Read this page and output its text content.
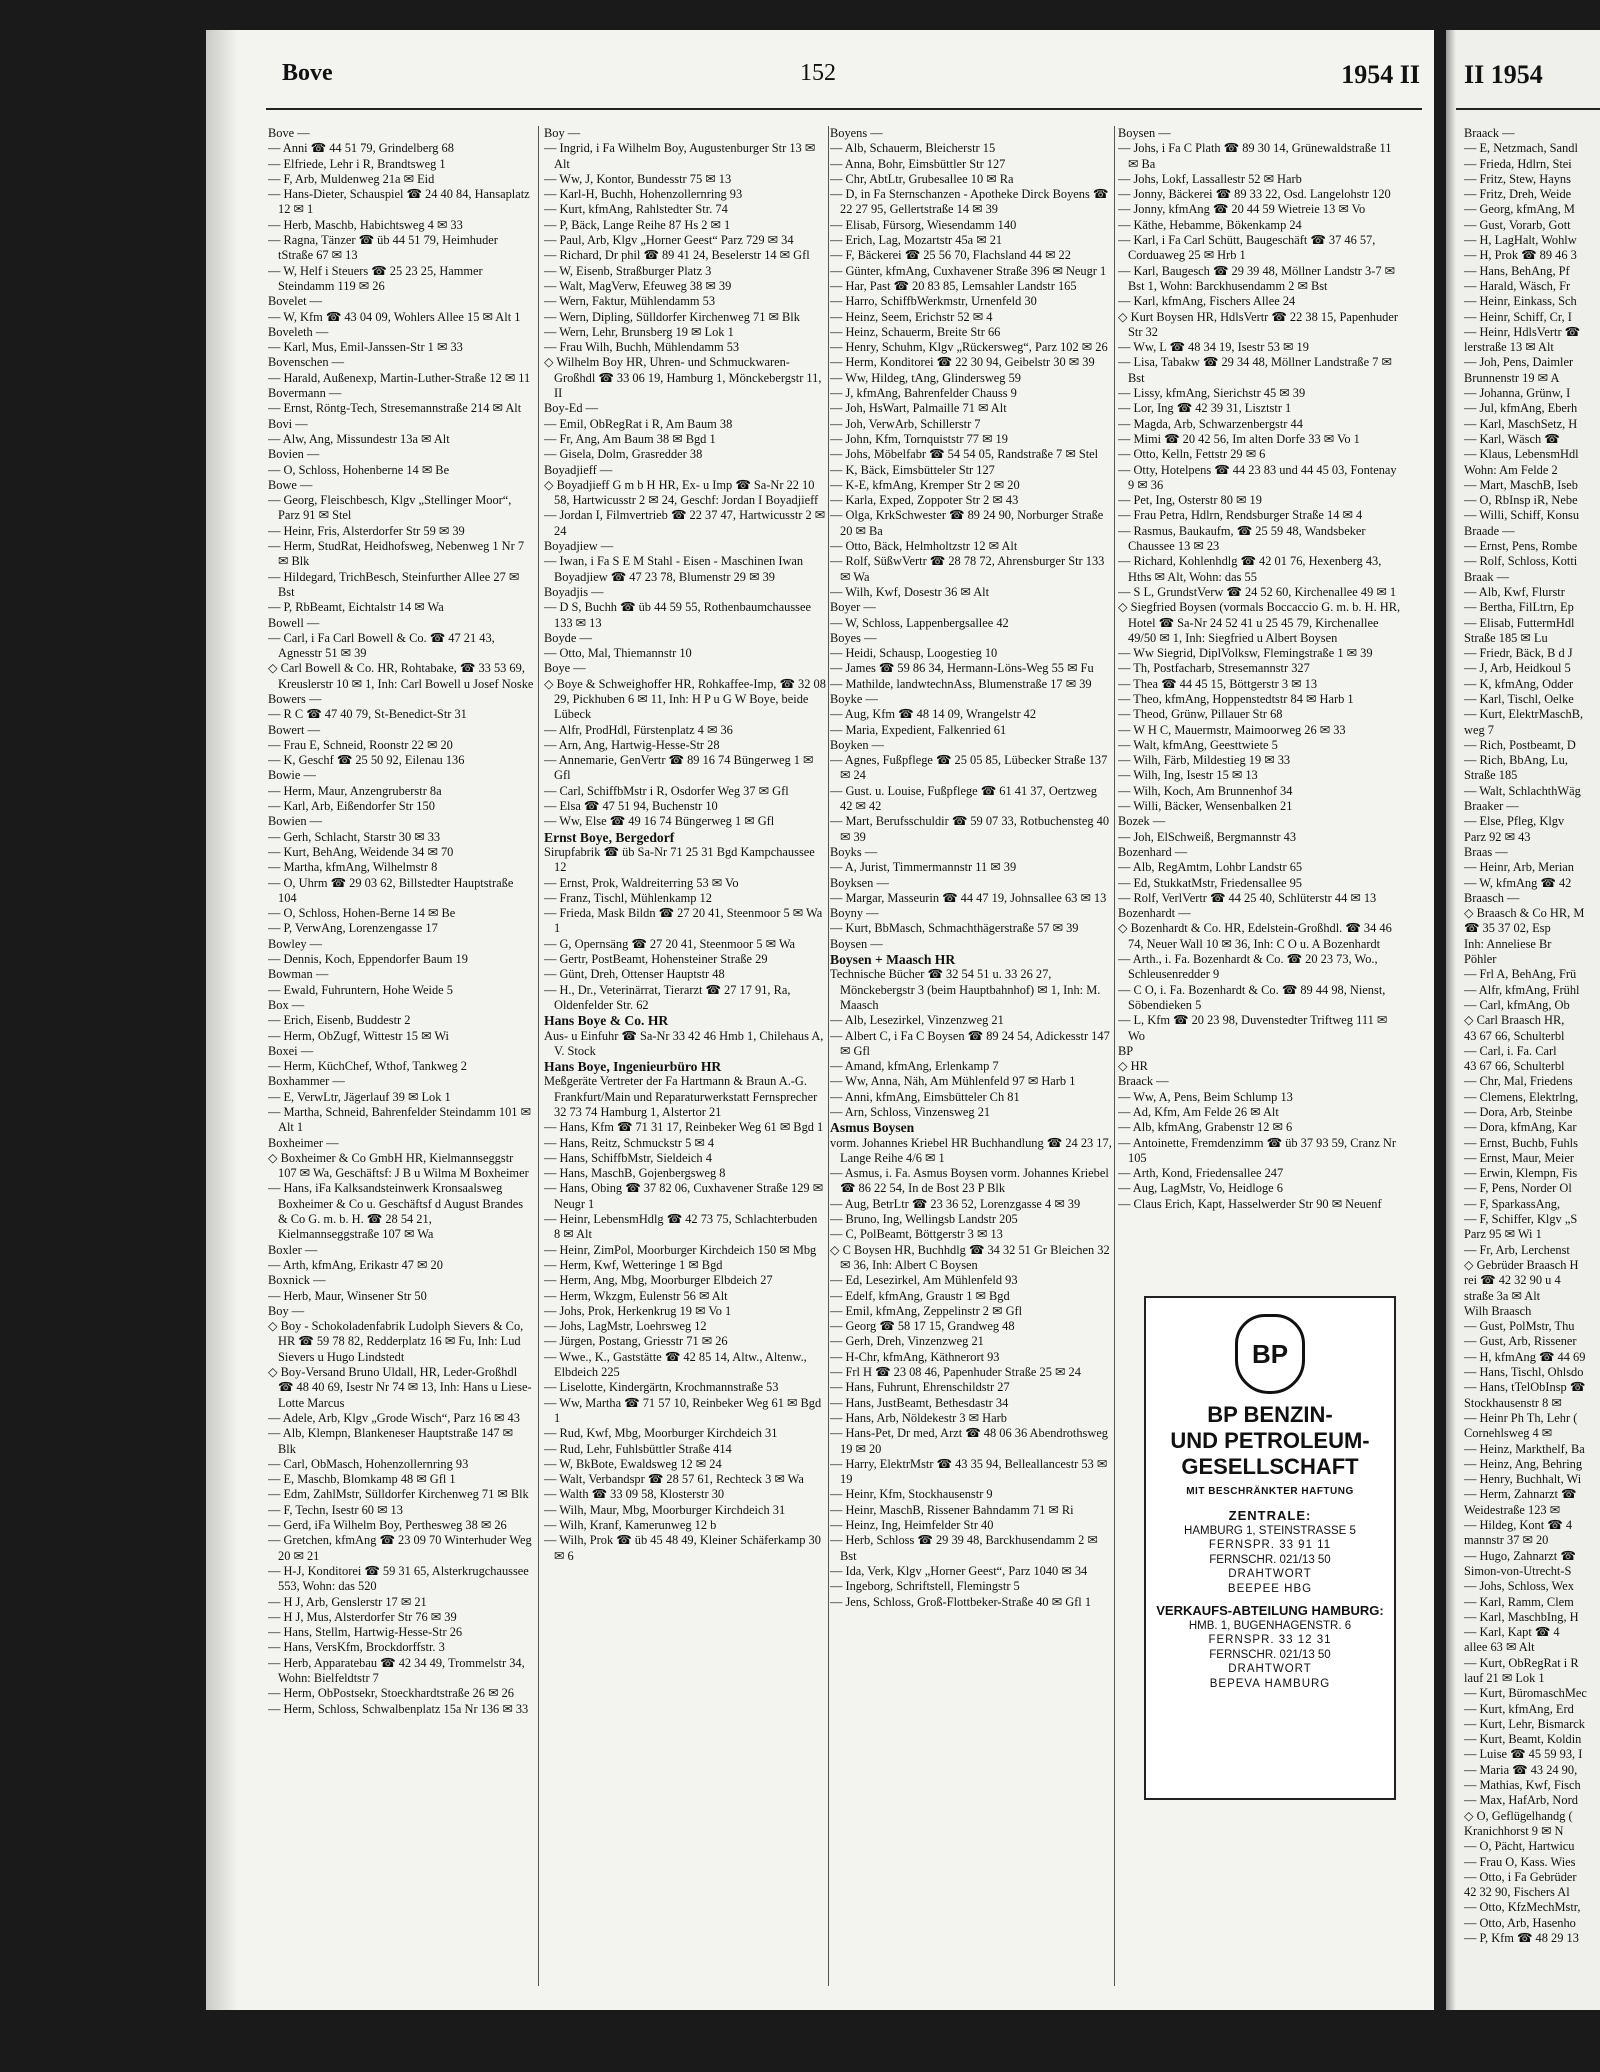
Bove	152	1954 II

Bove —

— Anni ☎ 44 51 79, Grindelberg 68

— Elfriede, Lehr i R, Brandtsweg 1

— F, Arb, Muldenweg 21a ✉ Eid

— Hans-Dieter, Schauspiel ☎ 24 40 84, Hansaplatz 12 ✉ 1

— Herb, Maschb, Habichtsweg 4 ✉ 33

— Ragna, Tänzer ☎ üb 44 51 79, Heimhuder tStraße 67 ✉ 13

— W, Helf i Steuers ☎ 25 23 25, Hammer Steindamm 119 ✉ 26

Bovelet —

— W, Kfm ☎ 43 04 09, Wohlers Allee 15 ✉ Alt 1

Boveleth —

— Karl, Mus, Emil-Janssen-Str 1 ✉ 33

Bovenschen —

— Harald, Außenexp, Martin-Luther-Straße 12 ✉ 11

Bovermann —

— Ernst, Röntg-Tech, Stresemannstraße 214 ✉ Alt

Bovi —

— Alw, Ang, Missundestr 13a ✉ Alt

Bovien —

— O, Schloss, Hohenberne 14 ✉ Be

Bowe —

— Georg, Fleischbesch, Klgv „Stellinger Moor“, Parz 91 ✉ Stel

— Heinr, Fris, Alsterdorfer Str 59 ✉ 39

— Herm, StudRat, Heidhofsweg, Nebenweg 1 Nr 7 ✉ Blk

— Hildegard, TrichBesch, Steinfurther Allee 27 ✉ Bst

— P, RbBeamt, Eichtalstr 14 ✉ Wa

Bowell —

— Carl, i Fa Carl Bowell & Co. ☎ 47 21 43, Agnesstr 51 ✉ 39

◇ Carl Bowell & Co. HR, Rohtabake, ☎ 33 53 69, Kreuslerstr 10 ✉ 1, Inh: Carl Bowell u Josef Noske

Bowers —

— R C ☎ 47 40 79, St-Benedict-Str 31

Bowert —

— Frau E, Schneid, Roonstr 22 ✉ 20

— K, Geschf ☎ 25 50 92, Eilenau 136

Bowie —

— Herm, Maur, Anzengruberstr 8a

— Karl, Arb, Eißendorfer Str 150

Bowien —

— Gerh, Schlacht, Starstr 30 ✉ 33

— Kurt, BehAng, Weidende 34 ✉ 70

— Martha, kfmAng, Wilhelmstr 8

— O, Uhrm ☎ 29 03 62, Billstedter Hauptstraße 104

— O, Schloss, Hohen-Berne 14 ✉ Be

— P, VerwAng, Lorenzengasse 17

Bowley —

— Dennis, Koch, Eppendorfer Baum 19

Bowman —

— Ewald, Fuhruntern, Hohe Weide 5

Box —

— Erich, Eisenb, Buddestr 2

— Herm, ObZugf, Wittestr 15 ✉ Wi

Boxei —

— Herm, KüchChef, Wthof, Tankweg 2

Boxhammer —

— E, VerwLtr, Jägerlauf 39 ✉ Lok 1

— Martha, Schneid, Bahrenfelder Steindamm 101 ✉ Alt 1

Boxheimer —

◇ Boxheimer & Co GmbH HR, Kielmannseggstr 107 ✉ Wa, Geschäftsf: J B u Wilma M Boxheimer

— Hans, iFa Kalksandsteinwerk Kronsaalsweg Boxheimer & Co u. Geschäftsf d August Brandes & Co G. m. b. H. ☎ 28 54 21, Kielmannseggstraße 107 ✉ Wa

Boxler —

— Arth, kfmAng, Erikastr 47 ✉ 20

Boxnick —

— Herb, Maur, Winsener Str 50

Boy —

◇ Boy - Schokoladenfabrik Ludolph Sievers & Co, HR ☎ 59 78 82, Redderplatz 16 ✉ Fu, Inh: Lud Sievers u Hugo Lindstedt

◇ Boy-Versand Bruno Uldall, HR, Leder-Großhdl ☎ 48 40 69, Isestr Nr 74 ✉ 13, Inh: Hans u Liese-Lotte Marcus

— Adele, Arb, Klgv „Grode Wisch“, Parz 16 ✉ 43

— Alb, Klempn, Blankeneser Hauptstraße 147 ✉ Blk

— Carl, ObMasch, Hohenzollernring 93

— E, Maschb, Blomkamp 48 ✉ Gfl 1

— Edm, ZahlMstr, Sülldorfer Kirchenweg 71 ✉ Blk

— F, Techn, Isestr 60 ✉ 13

— Gerd, iFa Wilhelm Boy, Perthesweg 38 ✉ 26

— Gretchen, kfmAng ☎ 23 09 70 Winterhuder Weg 20 ✉ 21

— H-J, Konditorei ☎ 59 31 65, Alsterkrugchaussee 553, Wohn: das 520

— H J, Arb, Genslerstr 17 ✉ 21

— H J, Mus, Alsterdorfer Str 76 ✉ 39

— Hans, Stellm, Hartwig-Hesse-Str 26

— Hans, VersKfm, Brockdorffstr. 3

— Herb, Apparatebau ☎ 42 34 49, Trommelstr 34, Wohn: Bielfeldtstr 7

— Herm, ObPostsekr, Stoeckhardtstraße 26 ✉ 26

— Herm, Schloss, Schwalbenplatz 15a Nr 136 ✉ 33

Boy —

— Ingrid, i Fa Wilhelm Boy, Augustenburger Str 13 ✉ Alt

— Ww, J, Kontor, Bundesstr 75 ✉ 13

— Karl-H, Buchh, Hohenzollernring 93

— Kurt, kfmAng, Rahlstedter Str. 74

— P, Bäck, Lange Reihe 87 Hs 2 ✉ 1

— Paul, Arb, Klgv „Horner Geest“ Parz 729 ✉ 34

— Richard, Dr phil ☎ 89 41 24, Beselerstr 14 ✉ Gfl

— W, Eisenb, Straßburger Platz 3

— Walt, MagVerw, Efeuweg 38 ✉ 39

— Wern, Faktur, Mühlendamm 53

— Wern, Dipling, Sülldorfer Kirchenweg 71 ✉ Blk

— Wern, Lehr, Brunsberg 19 ✉ Lok 1

— Frau Wilh, Buchh, Mühlendamm 53

◇ Wilhelm Boy HR, Uhren- und Schmuckwaren-Großhdl ☎ 33 06 19, Hamburg 1, Mönckebergstr 11, II

Boy-Ed —

— Emil, ObRegRat i R, Am Baum 38

— Fr, Ang, Am Baum 38 ✉ Bgd 1

— Gisela, Dolm, Grasredder 38

Boyadjieff —

◇ Boyadjieff G m b H HR, Ex- u Imp ☎ Sa-Nr 22 10 58, Hartwicusstr 2 ✉ 24, Geschf: Jordan I Boyadjieff

— Jordan I, Filmvertrieb ☎ 22 37 47, Hartwicusstr 2 ✉ 24

Boyadjiew —

— Iwan, i Fa S E M Stahl - Eisen - Maschinen Iwan Boyadjiew ☎ 47 23 78, Blumenstr 29 ✉ 39

Boyadjis —

— D S, Buchh ☎ üb 44 59 55, Rothenbaumchaussee 133 ✉ 13

Boyde —

— Otto, Mal, Thiemannstr 10

Boye —

◇ Boye & Schweighoffer HR, Rohkaffee-Imp, ☎ 32 08 29, Pickhuben 6 ✉ 11, Inh: H P u G W Boye, beide Lübeck

— Alfr, ProdHdl, Fürstenplatz 4 ✉ 36

— Arn, Ang, Hartwig-Hesse-Str 28

— Annemarie, GenVertr ☎ 89 16 74 Büngerweg 1 ✉ Gfl

— Carl, SchiffbMstr i R, Osdorfer Weg 37 ✉ Gfl

— Elsa ☎ 47 51 94, Buchenstr 10

— Ww, Else ☎ 49 16 74 Büngerweg 1 ✉ Gfl

Ernst Boye, Bergedorf

Sirupfabrik ☎ üb Sa-Nr 71 25 31 Bgd Kampchaussee 12

— Ernst, Prok, Waldreiterring 53 ✉ Vo

— Franz, Tischl, Mühlenkamp 12

— Frieda, Mask Bildn ☎ 27 20 41, Steenmoor 5 ✉ Wa 1

— G, Opernsäng ☎ 27 20 41, Steenmoor 5 ✉ Wa

— Gertr, PostBeamt, Hohensteiner Straße 29

— Günt, Dreh, Ottenser Hauptstr 48

— H., Dr., Veterinärrat, Tierarzt ☎ 27 17 91, Ra, Oldenfelder Str. 62

Hans Boye & Co. HR

Aus- u Einfuhr ☎ Sa-Nr 33 42 46 Hmb 1, Chilehaus A, V. Stock

Hans Boye, Ingenieurbüro HR

Meßgeräte Vertreter der Fa Hartmann & Braun A.-G. Frankfurt/Main und Reparaturwerkstatt Fernsprecher 32 73 74 Hamburg 1, Alstertor 21

— Hans, Kfm ☎ 71 31 17, Reinbeker Weg 61 ✉ Bgd 1

— Hans, Reitz, Schmuckstr 5 ✉ 4

— Hans, SchiffbMstr, Sieldeich 4

— Hans, MaschB, Gojenbergsweg 8

— Hans, Obing ☎ 37 82 06, Cuxhavener Straße 129 ✉ Neugr 1

— Heinr, LebensmHdlg ☎ 42 73 75, Schlachterbuden 8 ✉ Alt

— Heinr, ZimPol, Moorburger Kirchdeich 150 ✉ Mbg

— Herm, Kwf, Wetteringe 1 ✉ Bgd

— Herm, Ang, Mbg, Moorburger Elbdeich 27

— Herm, Wkzgm, Eulenstr 56 ✉ Alt

— Johs, Prok, Herkenkrug 19 ✉ Vo 1

— Johs, LagMstr, Loehrsweg 12

— Jürgen, Postang, Griesstr 71 ✉ 26

— Wwe., K., Gaststätte ☎ 42 85 14, Altw., Altenw., Elbdeich 225

— Liselotte, Kindergärtn, Krochmannstraße 53

— Ww, Martha ☎ 71 57 10, Reinbeker Weg 61 ✉ Bgd 1

— Rud, Kwf, Mbg, Moorburger Kirchdeich 31

— Rud, Lehr, Fuhlsbüttler Straße 414

— W, BkBote, Ewaldsweg 12 ✉ 24

— Walt, Verbandspr ☎ 28 57 61, Rechteck 3 ✉ Wa

— Walth ☎ 33 09 58, Klosterstr 30

— Wilh, Maur, Mbg, Moorburger Kirchdeich 31

— Wilh, Kranf, Kamerunweg 12 b

— Wilh, Prok ☎ üb 45 48 49, Kleiner Schäferkamp 30 ✉ 6

Boyens —

— Alb, Schauerm, Bleicherstr 15

— Anna, Bohr, Eimsbüttler Str 127

— Chr, AbtLtr, Grubesallee 10 ✉ Ra

— D, in Fa Sternschanzen - Apotheke Dirck Boyens ☎ 22 27 95, Gellertstraße 14 ✉ 39

— Elisab, Fürsorg, Wiesendamm 140

— Erich, Lag, Mozartstr 45a ✉ 21

— F, Bäckerei ☎ 25 56 70, Flachsland 44 ✉ 22

— Günter, kfmAng, Cuxhavener Straße 396 ✉ Neugr 1

— Har, Past ☎ 20 83 85, Lemsahler Landstr 165

— Harro, SchiffbWerkmstr, Urnenfeld 30

— Heinz, Seem, Erichstr 52 ✉ 4

— Heinz, Schauerm, Breite Str 66

— Henry, Schuhm, Klgv „Rückersweg“, Parz 102 ✉ 26

— Herm, Konditorei ☎ 22 30 94, Geibelstr 30 ✉ 39

— Ww, Hildeg, tAng, Glindersweg 59

— J, kfmAng, Bahrenfelder Chauss 9

— Joh, HsWart, Palmaille 71 ✉ Alt

— Joh, VerwArb, Schillerstr 7

— John, Kfm, Tornquiststr 77 ✉ 19

— Johs, Möbelfabr ☎ 54 54 05, Randstraße 7 ✉ Stel

— K, Bäck, Eimsbütteler Str 127

— K-E, kfmAng, Kremper Str 2 ✉ 20

— Karla, Exped, Zoppoter Str 2 ✉ 43

— Olga, KrkSchwester ☎ 89 24 90, Norburger Straße 20 ✉ Ba

— Otto, Bäck, Helmholtzstr 12 ✉ Alt

— Rolf, SüßwVertr ☎ 28 78 72, Ahrensburger Str 133 ✉ Wa

— Wilh, Kwf, Dosestr 36 ✉ Alt

Boyer —

— W, Schloss, Lappenbergsallee 42

Boyes —

— Heidi, Schausp, Loogestieg 10

— James ☎ 59 86 34, Hermann-Löns-Weg 55 ✉ Fu

— Mathilde, landwtechnAss, Blumenstraße 17 ✉ 39

Boyke —

— Aug, Kfm ☎ 48 14 09, Wrangelstr 42

— Maria, Expedient, Falkenried 61

Boyken —

— Agnes, Fußpflege ☎ 25 05 85, Lübecker Straße 137 ✉ 24

— Gust. u. Louise, Fußpflege ☎ 61 41 37, Oertzweg 42 ✉ 42

— Mart, Berufsschuldir ☎ 59 07 33, Rotbuchensteg 40 ✉ 39

Boyks —

— A, Jurist, Timmermannstr 11 ✉ 39

Boyksen —

— Margar, Masseurin ☎ 44 47 19, Johnsallee 63 ✉ 13

Boyny —

— Kurt, BbMasch, Schmachthägerstraße 57 ✉ 39

Boysen —

Boysen + Maasch HR

Technische Bücher ☎ 32 54 51 u. 33 26 27, Mönckebergstr 3 (beim Hauptbahnhof) ✉ 1, Inh: M. Maasch

— Alb, Lesezirkel, Vinzenzweg 21

— Albert C, i Fa C Boysen ☎ 89 24 54, Adickesstr 147 ✉ Gfl

— Amand, kfmAng, Erlenkamp 7

— Ww, Anna, Näh, Am Mühlenfeld 97 ✉ Harb 1

— Anni, kfmAng, Eimsbütteler Ch 81

— Arn, Schloss, Vinzensweg 21

Asmus Boysen

vorm. Johannes Kriebel HR Buchhandlung ☎ 24 23 17, Lange Reihe 4/6 ✉ 1

— Asmus, i. Fa. Asmus Boysen vorm. Johannes Kriebel ☎ 86 22 54, In de Bost 23 P Blk

— Aug, BetrLtr ☎ 23 36 52, Lorenzgasse 4 ✉ 39

— Bruno, Ing, Wellingsb Landstr 205

— C, PolBeamt, Böttgerstr 3 ✉ 13

◇ C Boysen HR, Buchhdlg ☎ 34 32 51 Gr Bleichen 32 ✉ 36, Inh: Albert C Boysen

— Ed, Lesezirkel, Am Mühlenfeld 93

— Edelf, kfmAng, Graustr 1 ✉ Bgd

— Emil, kfmAng, Zeppelinstr 2 ✉ Gfl

— Georg ☎ 58 17 15, Grandweg 48

— Gerh, Dreh, Vinzenzweg 21

— H-Chr, kfmAng, Käthnerort 93

— Frl H ☎ 23 08 46, Papenhuder Straße 25 ✉ 24

— Hans, Fuhrunt, Ehrenschildstr 27

— Hans, JustBeamt, Bethesdastr 34

— Hans, Arb, Nöldekestr 3 ✉ Harb

— Hans-Pet, Dr med, Arzt ☎ 48 06 36 Abendrothsweg 19 ✉ 20

— Harry, ElektrMstr ☎ 43 35 94, Belleallancestr 53 ✉ 19

— Heinr, Kfm, Stockhausenstr 9

— Heinr, MaschB, Rissener Bahndamm 71 ✉ Ri

— Heinz, Ing, Heimfelder Str 40

— Herb, Schloss ☎ 29 39 48, Barckhusendamm 2 ✉ Bst

— Ida, Verk, Klgv „Horner Geest“, Parz 1040 ✉ 34

— Ingeborg, Schriftstell, Flemingstr 5

— Jens, Schloss, Groß-Flottbeker-Straße 40 ✉ Gfl 1

Boysen —

— Johs, i Fa C Plath ☎ 89 30 14, Grünewaldstraße 11 ✉ Ba

— Johs, Lokf, Lassallestr 52 ✉ Harb

— Jonny, Bäckerei ☎ 89 33 22, Osd. Langelohstr 120

— Jonny, kfmAng ☎ 20 44 59 Wietreie 13 ✉ Vo

— Käthe, Hebamme, Bökenkamp 24

— Karl, i Fa Carl Schütt, Baugeschäft ☎ 37 46 57, Corduaweg 25 ✉ Hrb 1

— Karl, Baugesch ☎ 29 39 48, Möllner Landstr 3-7 ✉ Bst 1, Wohn: Barckhusendamm 2 ✉ Bst

— Karl, kfmAng, Fischers Allee 24

◇ Kurt Boysen HR, HdlsVertr ☎ 22 38 15, Papenhuder Str 32

— Ww, L ☎ 48 34 19, Isestr 53 ✉ 19

— Lisa, Tabakw ☎ 29 34 48, Möllner Landstraße 7 ✉ Bst

— Lissy, kfmAng, Sierichstr 45 ✉ 39

— Lor, Ing ☎ 42 39 31, Lisztstr 1

— Magda, Arb, Schwarzenbergstr 44

— Mimi ☎ 20 42 56, Im alten Dorfe 33 ✉ Vo 1

— Otto, Kelln, Fettstr 29 ✉ 6

— Otty, Hotelpens ☎ 44 23 83 und 44 45 03, Fontenay 9 ✉ 36

— Pet, Ing, Osterstr 80 ✉ 19

— Frau Petra, Hdlrn, Rendsburger Straße 14 ✉ 4

— Rasmus, Baukaufm, ☎ 25 59 48, Wandsbeker Chaussee 13 ✉ 23

— Richard, Kohlenhdlg ☎ 42 01 76, Hexenberg 43, Hths ✉ Alt, Wohn: das 55

— S L, GrundstVerw ☎ 24 52 60, Kirchenallee 49 ✉ 1

◇ Siegfried Boysen (vormals Boccaccio G. m. b. H. HR, Hotel ☎ Sa-Nr 24 52 41 u 25 45 79, Kirchenallee 49/50 ✉ 1, Inh: Siegfried u Albert Boysen

— Ww Siegrid, DiplVolksw, Flemingstraße 1 ✉ 39

— Th, Postfacharb, Stresemannstr 327

— Thea ☎ 44 45 15, Böttgerstr 3 ✉ 13

— Theo, kfmAng, Hoppenstedtstr 84 ✉ Harb 1

— Theod, Grünw, Pillauer Str 68

— W H C, Mauermstr, Maimoorweg 26 ✉ 33

— Walt, kfmAng, Geesttwiete 5

— Wilh, Färb, Mildestieg 19 ✉ 33

— Wilh, Ing, Isestr 15 ✉ 13

— Wilh, Koch, Am Brunnenhof 34

— Willi, Bäcker, Wensenbalken 21

Bozek —

— Joh, ElSchweiß, Bergmannstr 43

Bozenhard —

— Alb, RegAmtm, Lohbr Landstr 65

— Ed, StukkatMstr, Friedensallee 95

— Rolf, VerlVertr ☎ 44 25 40, Schlüterstr 44 ✉ 13

Bozenhardt —

◇ Bozenhardt & Co. HR, Edelstein-Großhdl. ☎ 34 46 74, Neuer Wall 10 ✉ 36, Inh: C O u. A Bozenhardt

— Arth., i. Fa. Bozenhardt & Co. ☎ 20 23 73, Wo., Schleusenredder 9

— C O, i. Fa. Bozenhardt & Co. ☎ 89 44 98, Nienst, Söbendieken 5

— L, Kfm ☎ 20 23 98, Duvenstedter Triftweg 111 ✉ Wo

BP

◇ HR

Braack —

— Ww, A, Pens, Beim Schlump 13

— Ad, Kfm, Am Felde 26 ✉ Alt

— Alb, kfmAng, Grabenstr 12 ✉ 6

— Antoinette, Fremdenzimm ☎ üb 37 93 59, Cranz Nr 105

— Arth, Kond, Friedensallee 247

— Aug, LagMstr, Vo, Heidloge 6

— Claus Erich, Kapt, Hasselwerder Str 90 ✉ Neuenf

BP
BP BENZIN-
UND PETROLEUM-
GESELLSCHAFT
MIT BESCHRÄNKTER HAFTUNG
ZENTRALE:
HAMBURG 1, STEINSTRASSE 5
FERNSPR. 33 91 11
FERNSCHR. 021/13 50
DRAHTWORT
BEEPEE HBG
VERKAUFS-ABTEILUNG HAMBURG:
HMB. 1, BUGENHAGENSTR. 6
FERNSPR. 33 12 31
FERNSCHR. 021/13 50
DRAHTWORT
BEPEVA HAMBURG
II 1954
Braack —
— E, Netzmach, Sandl
— Frieda, Hdlrn, Stei
— Fritz, Stew, Hayns
— Fritz, Dreh, Weide
— Georg, kfmAng, M
— Gust, Vorarb, Gott
— H, LagHalt, Wohlw
— H, Prok ☎ 89 46 3
— Hans, BehAng, Pf
— Harald, Wäsch, Fr
— Heinr, Einkass, Sch
— Heinr, Schiff, Cr, I
— Heinr, HdlsVertr ☎
lerstraße 13 ✉ Alt
— Joh, Pens, Daimler
Brunnenstr 19 ✉ A
— Johanna, Grünw, I
— Jul, kfmAng, Eberh
— Karl, MaschSetz, H
— Karl, Wäsch ☎
— Klaus, LebensmHdl
Wohn: Am Felde 2
— Mart, MaschB, Iseb
— O, RbInsp iR, Nebe
— Willi, Schiff, Konsu
Braade —
— Ernst, Pens, Rombe
— Rolf, Schloss, Kotti
Braak —
— Alb, Kwf, Flurstr
— Bertha, FilLtrn, Ep
— Elisab, FuttermHdl
Straße 185 ✉ Lu
— Friedr, Bäck, B d J
— J, Arb, Heidkoul 5
— K, kfmAng, Odder
— Karl, Tischl, Oelke
— Kurt, ElektrMaschB,
weg 7
— Rich, Postbeamt, D
— Rich, BbAng, Lu,
Straße 185
— Walt, SchlachthWäg
Braaker —
— Else, Pfleg, Klgv
Parz 92 ✉ 43
Braas —
— Heinr, Arb, Merian
— W, kfmAng ☎ 42
Braasch —
◇ Braasch & Co HR, M
☎ 35 37 02, Esp
Inh: Anneliese Br
Pöhler
— Frl A, BehAng, Frü
— Alfr, kfmAng, Frühl
— Carl, kfmAng, Ob
◇ Carl Braasch HR,
43 67 66, Schulterbl
— Carl, i. Fa. Carl
43 67 66, Schulterbl
— Chr, Mal, Friedens
— Clemens, Elektrlng,
— Dora, Arb, Steinbe
— Dora, kfmAng, Kar
— Ernst, Buchb, Fuhls
— Ernst, Maur, Meier
— Erwin, Klempn, Fis
— F, Pens, Norder Ol
— F, SparkassAng,
— F, Schiffer, Klgv „S
Parz 95 ✉ Wi 1
— Fr, Arb, Lerchenst
◇ Gebrüder Braasch H
rei ☎ 42 32 90 u 4
straße 3a ✉ Alt
Wilh Braasch
— Gust, PolMstr, Thu
— Gust, Arb, Rissener
— H, kfmAng ☎ 44 69
— Hans, Tischl, Ohlsdo
— Hans, tTelObInsp ☎
Stockhausenstr 8 ✉
— Heinr Ph Th, Lehr (
Cornehlsweg 4 ✉
— Heinz, Markthelf, Ba
— Heinz, Ang, Behring
— Henry, Buchhalt, Wi
— Herm, Zahnarzt ☎
Weidestraße 123 ✉
— Hildeg, Kont ☎ 4
mannstr 37 ✉ 20
— Hugo, Zahnarzt ☎
Simon-von-Utrecht-S
— Johs, Schloss, Wex
— Karl, Ramm, Clem
— Karl, MaschbIng, H
— Karl, Kapt ☎ 4
allee 63 ✉ Alt
— Kurt, ObRegRat i R
lauf 21 ✉ Lok 1
— Kurt, BüromaschMec
— Kurt, kfmAng, Erd
— Kurt, Lehr, Bismarck
— Kurt, Beamt, Koldin
— Luise ☎ 45 59 93, I
— Maria ☎ 43 24 90,
— Mathias, Kwf, Fisch
— Max, HafArb, Nord
◇ O, Geflügelhandg (
Kranichhorst 9 ✉ N
— O, Pächt, Hartwicu
— Frau O, Kass. Wies
— Otto, i Fa Gebrüder
42 32 90, Fischers Al
— Otto, KfzMechMstr,
— Otto, Arb, Hasenho
— P, Kfm ☎ 48 29 13
